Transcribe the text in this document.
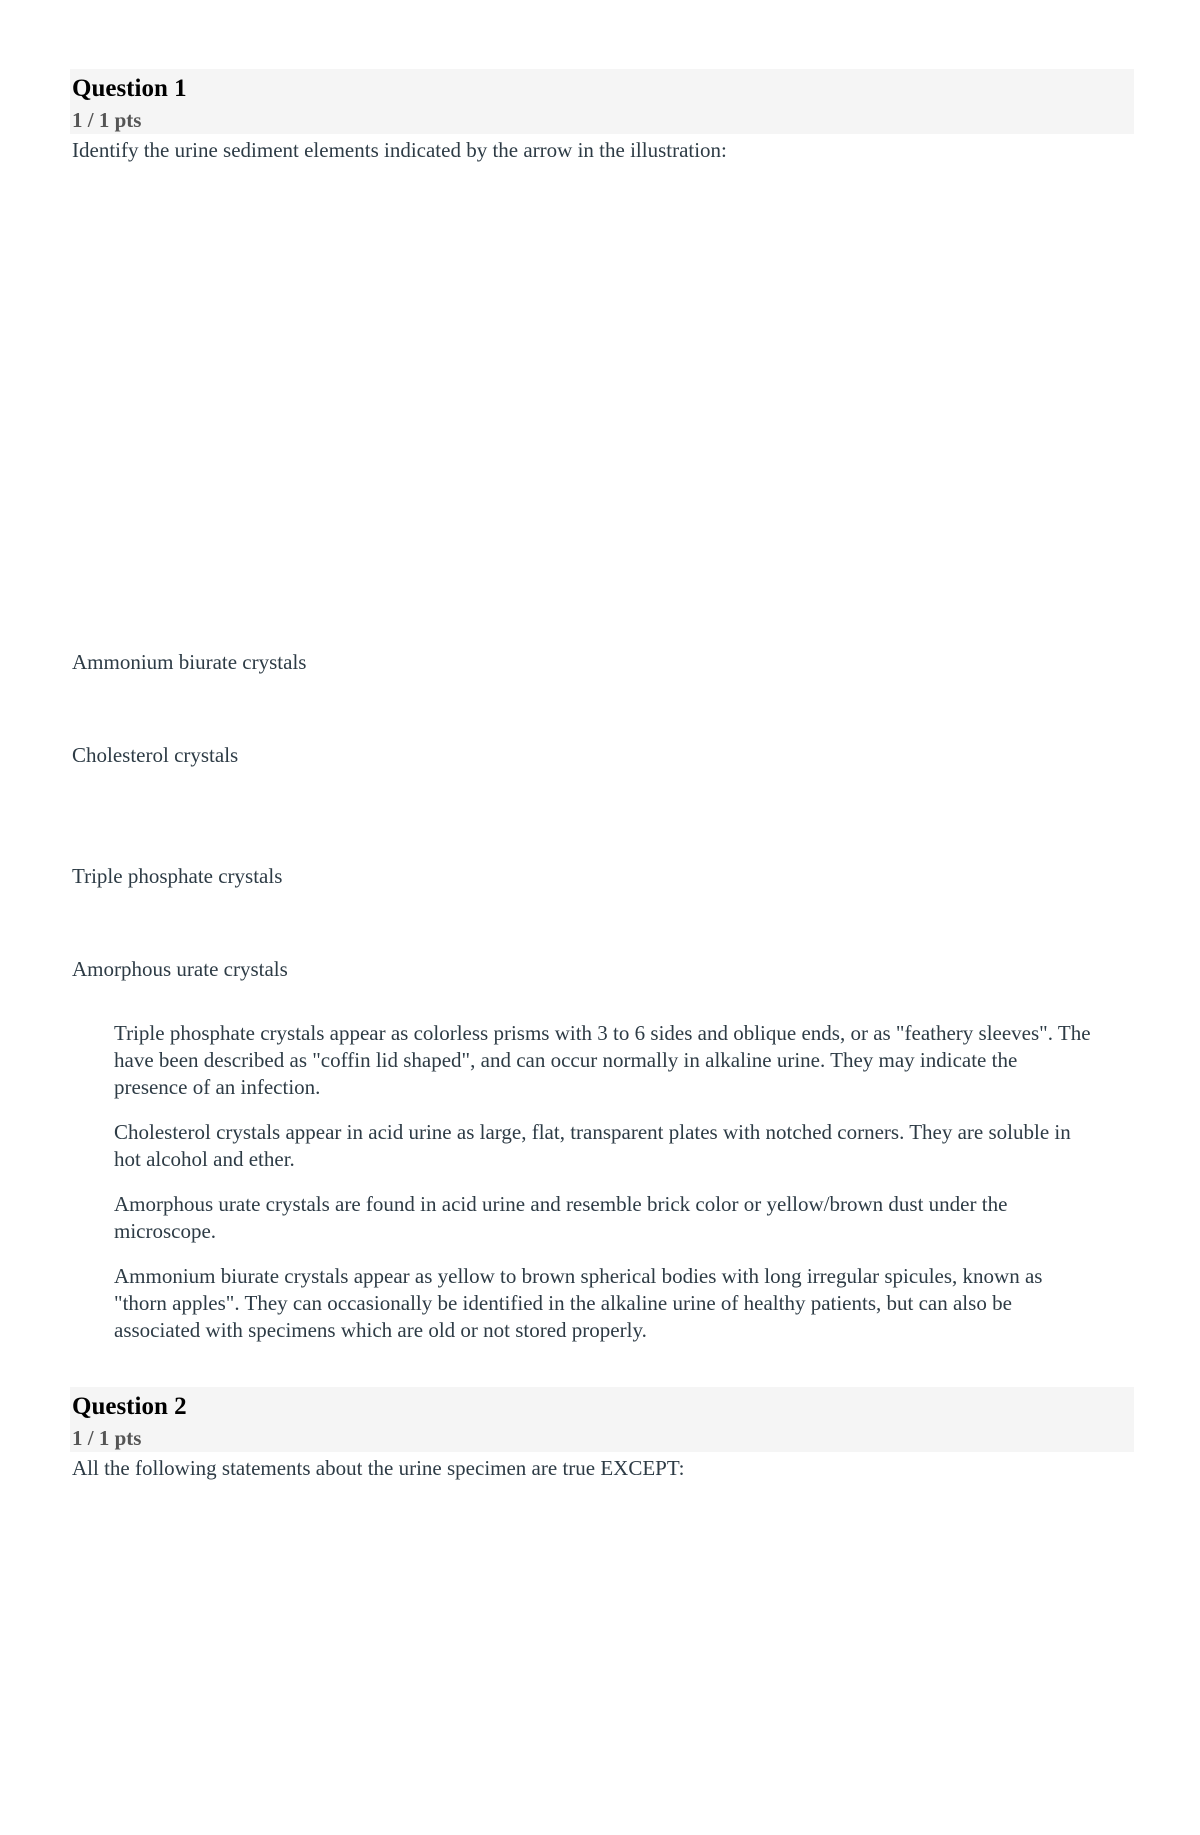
Question 1
1 / 1 pts
Identify the urine sediment elements indicated by the arrow in the illustration:
Ammonium biurate crystals
Cholesterol crystals
Triple phosphate crystals
Amorphous urate crystals

Triple phosphate crystals appear as colorless prisms with 3 to 6 sides and oblique ends, or as "feathery sleeves". The have been described as "coffin lid shaped", and can occur normally in alkaline urine. They may indicate the presence of an infection.

Cholesterol crystals appear in acid urine as large, flat, transparent plates with notched corners. They are soluble in hot alcohol and ether.

Amorphous urate crystals are found in acid urine and resemble brick color or yellow/brown dust under the microscope.

Ammonium biurate crystals appear as yellow to brown spherical bodies with long irregular spicules, known as "thorn apples". They can occasionally be identified in the alkaline urine of healthy patients, but can also be associated with specimens which are old or not stored properly.

Question 2
1 / 1 pts
All the following statements about the urine specimen are true EXCEPT:
